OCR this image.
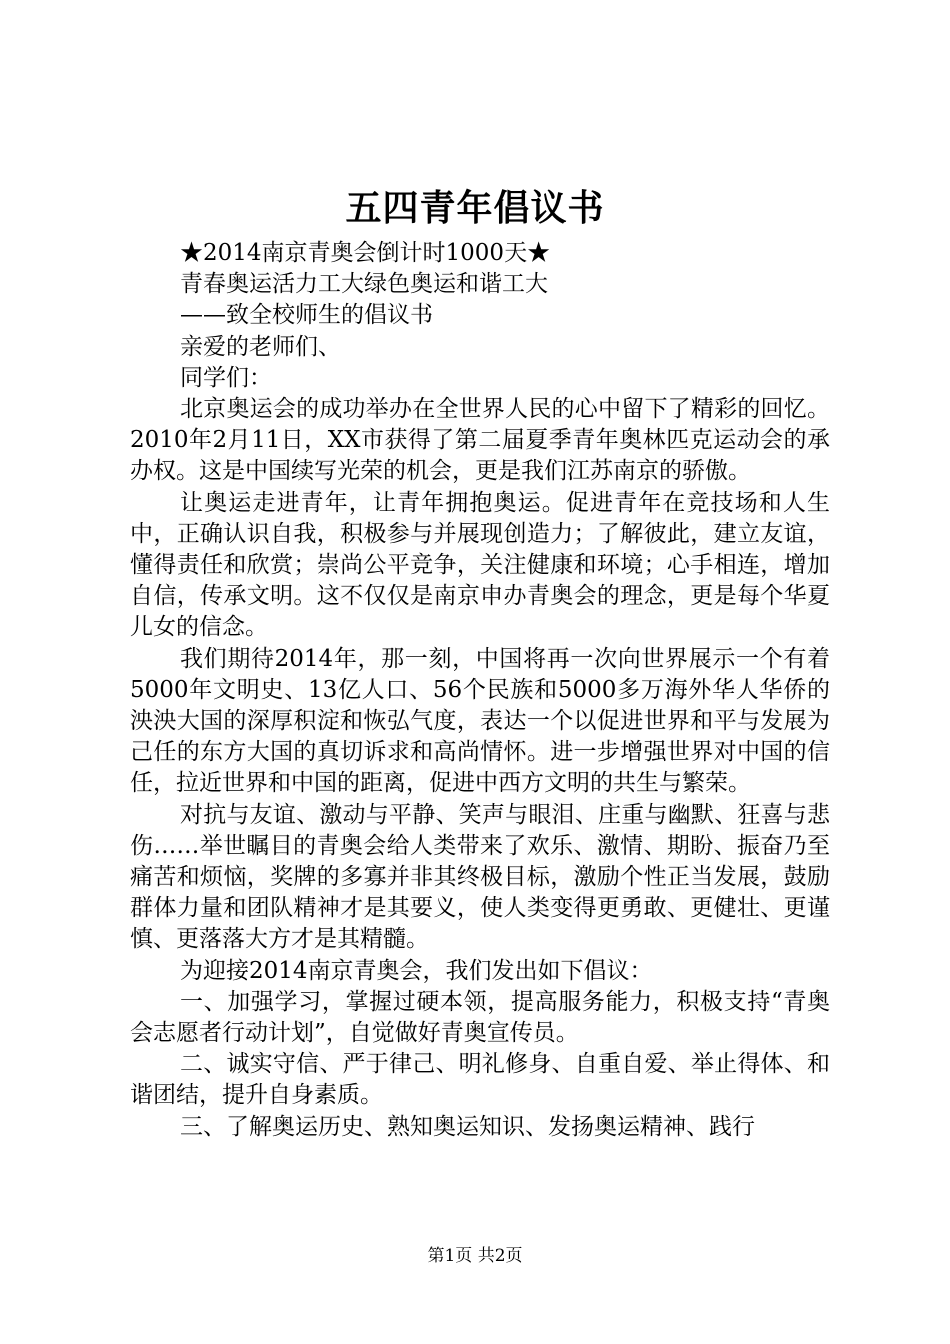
五四青年倡议书

★2014南京青奥会倒计时1000天★

青春奥运活力工大绿色奥运和谐工大

——致全校师生的倡议书

亲爱的老师们、

同学们：

北京奥运会的成功举办在全世界人民的心中留下了精彩的回忆。2010年2月11日，XX市获得了第二届夏季青年奥林匹克运动会的承办权。这是中国续写光荣的机会，更是我们江苏南京的骄傲。

让奥运走进青年，让青年拥抱奥运。促进青年在竞技场和人生中，正确认识自我，积极参与并展现创造力；了解彼此，建立友谊，懂得责任和欣赏；崇尚公平竞争，关注健康和环境；心手相连，增加自信，传承文明。这不仅仅是南京申办青奥会的理念，更是每个华夏儿女的信念。

我们期待2014年，那一刻，中国将再一次向世界展示一个有着5000年文明史、13亿人口、56个民族和5000多万海外华人华侨的泱泱大国的深厚积淀和恢弘气度，表达一个以促进世界和平与发展为己任的东方大国的真切诉求和高尚情怀。进一步增强世界对中国的信任，拉近世界和中国的距离，促进中西方文明的共生与繁荣。

对抗与友谊、激动与平静、笑声与眼泪、庄重与幽默、狂喜与悲伤……举世瞩目的青奥会给人类带来了欢乐、激情、期盼、振奋乃至痛苦和烦恼，奖牌的多寡并非其终极目标，激励个性正当发展，鼓励群体力量和团队精神才是其要义，使人类变得更勇敢、更健壮、更谨慎、更落落大方才是其精髓。

为迎接2014南京青奥会，我们发出如下倡议：

一、加强学习，掌握过硬本领，提高服务能力，积极支持“青奥会志愿者行动计划”，自觉做好青奥宣传员。

二、诚实守信、严于律己、明礼修身、自重自爱、举止得体、和谐团结，提升自身素质。

三、了解奥运历史、熟知奥运知识、发扬奥运精神、践行

第1页 共2页
